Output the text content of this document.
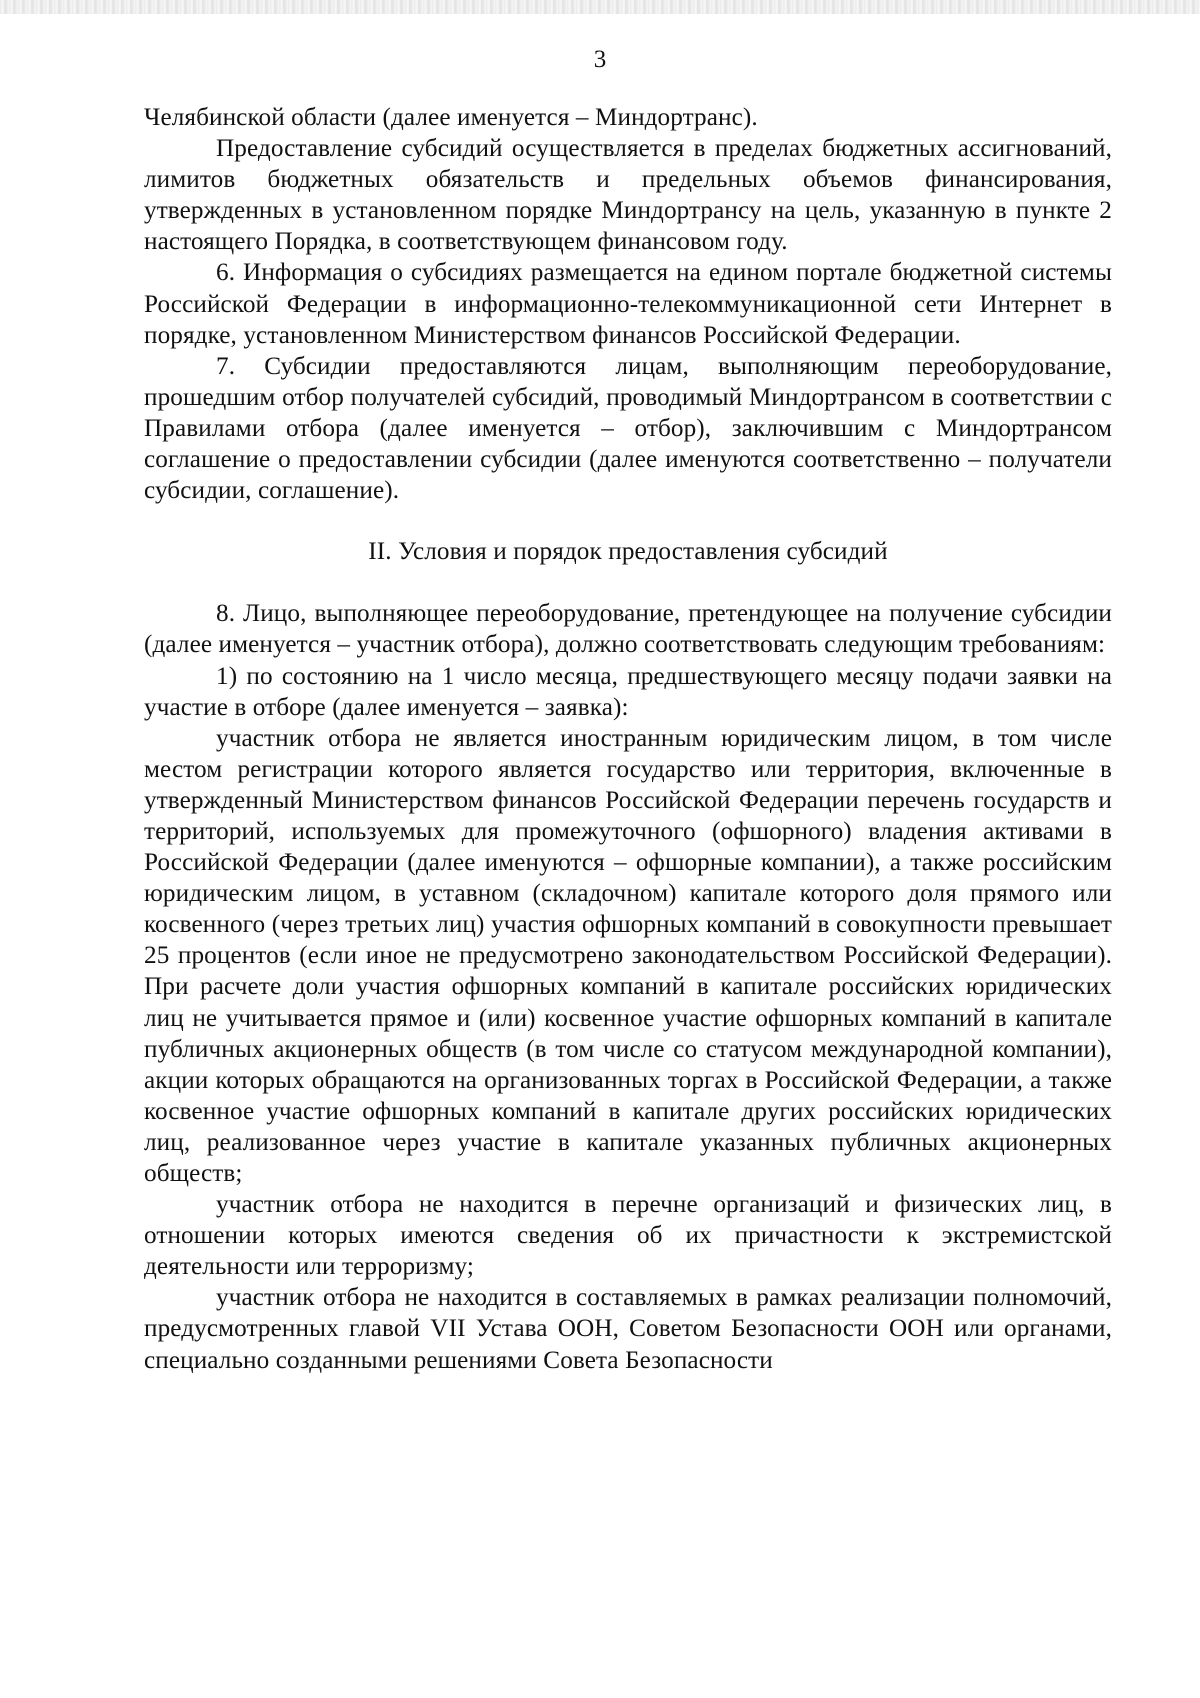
3

Челябинской области (далее именуется – Миндортранс).

Предоставление субсидий осуществляется в пределах бюджетных ассигнований, лимитов бюджетных обязательств и предельных объемов финансирования, утвержденных в установленном порядке Миндортрансу на цель, указанную в пункте 2 настоящего Порядка, в соответствующем финансовом году.

6. Информация о субсидиях размещается на едином портале бюджетной системы Российской Федерации в информационно-телекоммуникационной сети Интернет в порядке, установленном Министерством финансов Российской Федерации.

7. Субсидии предоставляются лицам, выполняющим переоборудование, прошедшим отбор получателей субсидий, проводимый Миндортрансом в соответствии с Правилами отбора (далее именуется – отбор), заключившим с Миндортрансом соглашение о предоставлении субсидии (далее именуются соответственно – получатели субсидии, соглашение).

II. Условия и порядок предоставления субсидий

8. Лицо, выполняющее переоборудование, претендующее на получение субсидии (далее именуется – участник отбора), должно соответствовать следующим требованиям:

1) по состоянию на 1 число месяца, предшествующего месяцу подачи заявки на участие в отборе (далее именуется – заявка):

участник отбора не является иностранным юридическим лицом, в том числе местом регистрации которого является государство или территория, включенные в утвержденный Министерством финансов Российской Федерации перечень государств и территорий, используемых для промежуточного (офшорного) владения активами в Российской Федерации (далее именуются – офшорные компании), а также российским юридическим лицом, в уставном (складочном) капитале которого доля прямого или косвенного (через третьих лиц) участия офшорных компаний в совокупности превышает 25 процентов (если иное не предусмотрено законодательством Российской Федерации). При расчете доли участия офшорных компаний в капитале российских юридических лиц не учитывается прямое и (или) косвенное участие офшорных компаний в капитале публичных акционерных обществ (в том числе со статусом международной компании), акции которых обращаются на организованных торгах в Российской Федерации, а также косвенное участие офшорных компаний в капитале других российских юридических лиц, реализованное через участие в капитале указанных публичных акционерных обществ;

участник отбора не находится в перечне организаций и физических лиц, в отношении которых имеются сведения об их причастности к экстремистской деятельности или терроризму;

участник отбора не находится в составляемых в рамках реализации полномочий, предусмотренных главой VII Устава ООН, Советом Безопасности ООН или органами, специально созданными решениями Совета Безопасности
